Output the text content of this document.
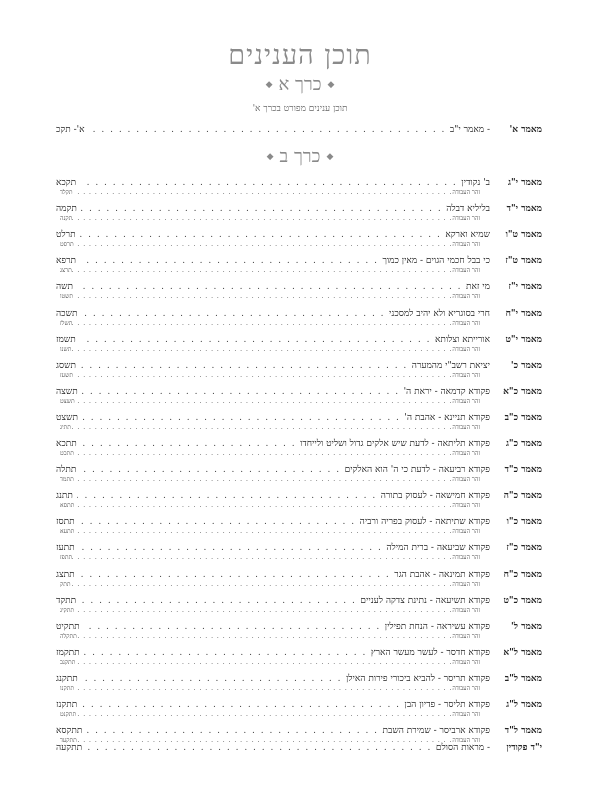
תוכן הענינים
◆כרך א◆
תוכן ענינים מפורט בכרך א'
מאמר א'
- מאמר י"ב
. . .
א'- תקכ
◆כרך ב◆
מאמר י"ג
ב' נקודין
. . .
תקכא
זהר העבודה
. . .
תקלד
מאמר י"ד
בליליא דבלה
. . .
תקמה
זהר העבודה
. . .
תקנה
מאמר ט"ו
שמיא וארקא
. . .
תרלט
זהר העבודה
. . .
תרסט
מאמר ט"ז
כי בבל חכמי הגוים - מאין כמוך
. . .
תרפא
זהר העבודה
. . .
תרצג
מאמר י"ז
מי זאת
. . .
תשה
זהר העבודה
. . .
תשטו
מאמר י"ח
חרי בסוגריא ולא יהיב למסכני
. . .
תשכה
זהר העבודה
. . .
תשלז
מאמר י"ט
אורייתא וצלותא
. . .
תשמז
זהר העבודה
. . .
תשנו
מאמר כ'
יציאת רשב"י מהמערה
. . .
תשסג
זהר העבודה
. . .
תשעז
מאמר כ"א
פקודא קדמאה - יראת ה'
. . .
תשצה
זהר העבודה
. . .
תשצט
מאמר כ"ב
פקודא תניינא - אהבת ה'
. . .
תשצט
זהר העבודה
. . .
תתיג
מאמר כ"ג
פקודא תליתאה - לדעת שיש אלקים גדול ושליט ולייחדו
. . .
תתכא
זהר העבודה
. . .
תתכט
מאמר כ"ד
פקודא רביעאה - לדעת כי ה' הוא האלקים
. . .
תתלה
זהר העבודה
. . .
תתמד
מאמר כ"ה
פקודא חמישאה - לעסוק בתורה
. . .
תתנג
זהר העבודה
. . .
תתסא
מאמר כ"ו
פקודא שתיתאה - לעסוק בפריה ורביה
. . .
תתסז
זהר העבודה
. . .
תתעא
מאמר כ"ז
פקודא שביעאה - ברית המילה
. . .
תתעז
זהר העבודה
. . .
תתפז
מאמר כ"ח
פקודא תמינאה - אהבת הגר
. . .
תתצג
זהר העבודה
. . .
תתק
מאמר כ"ט
פקודא תשיעאה - נתינת צדקה לעניים
. . .
תתקד
זהר העבודה
. . .
תתקיג
מאמר ל'
פקודא עשיראה - הנחת תפילין
. . .
תתקיט
זהר העבודה
. . .
תתקלה
מאמר ל"א
פקודא חדסר - לעשר מעשר הארץ
. . .
תתקמז
זהר העבודה
. . .
תתקנב
מאמר ל"ב
פקודא תריסר - להביא ביכורי פירות האילן
. . .
תתקנג
זהר העבודה
. . .
תתקנו
מאמר ל"ג
פקודא תליסר - פדיון הבן
. . .
תתקנז
זהר העבודה
. . .
תתקנט
מאמר ל"ד
פקודא ארביסר - שמירת השבת
. . .
תתקסא
זהר העבודה
. . .
תתקעד
י"ד פקודין
- מראות הסולם
. . .
תתקעה
